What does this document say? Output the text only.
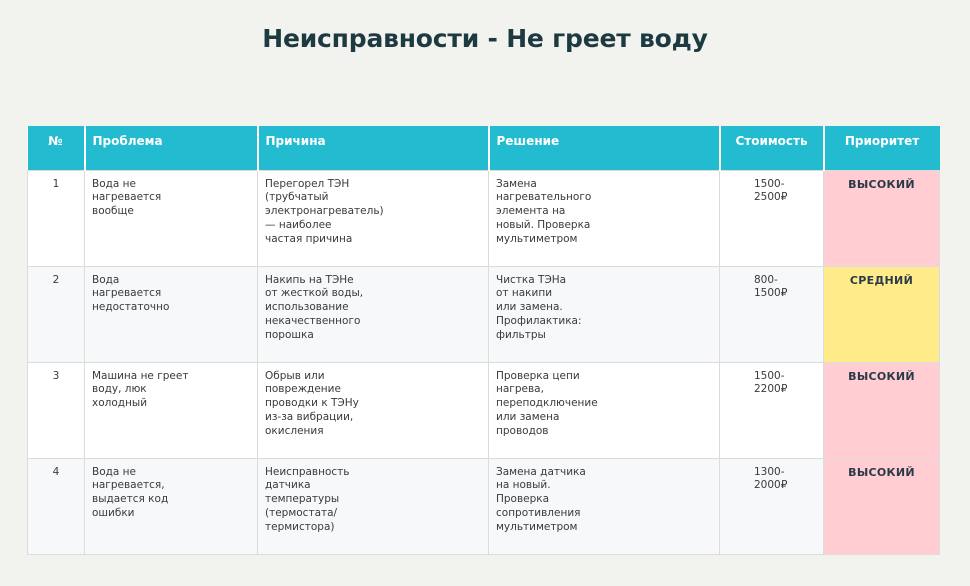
Неисправности - Не греет воду
№	Проблема	Причина	Решение	Стоимость	Приоритет
1	Вода не
нагревается
вообще	Перегорел ТЭН
(трубчатый
электронагреватель)
— наиболее
частая причина	Замена
нагревательного
элемента на
новый. Проверка
мультиметром	1500-
2500₽	ВЫСОКИЙ
2	Вода
нагревается
недостаточно	Накипь на ТЭНе
от жесткой воды,
использование
некачественного
порошка	Чистка ТЭНа
от накипи
или замена.
Профилактика:
фильтры	800-
1500₽	СРЕДНИЙ
3	Машина не греет
воду, люк
холодный	Обрыв или
повреждение
проводки к ТЭНу
из-за вибрации,
окисления	Проверка цепи
нагрева,
переподключение
или замена
проводов	1500-
2200₽	ВЫСОКИЙ
4	Вода не
нагревается,
выдается код
ошибки	Неисправность
датчика
температуры
(термостата/
термистора)	Замена датчика
на новый.
Проверка
сопротивления
мультиметром	1300-
2000₽	ВЫСОКИЙ
